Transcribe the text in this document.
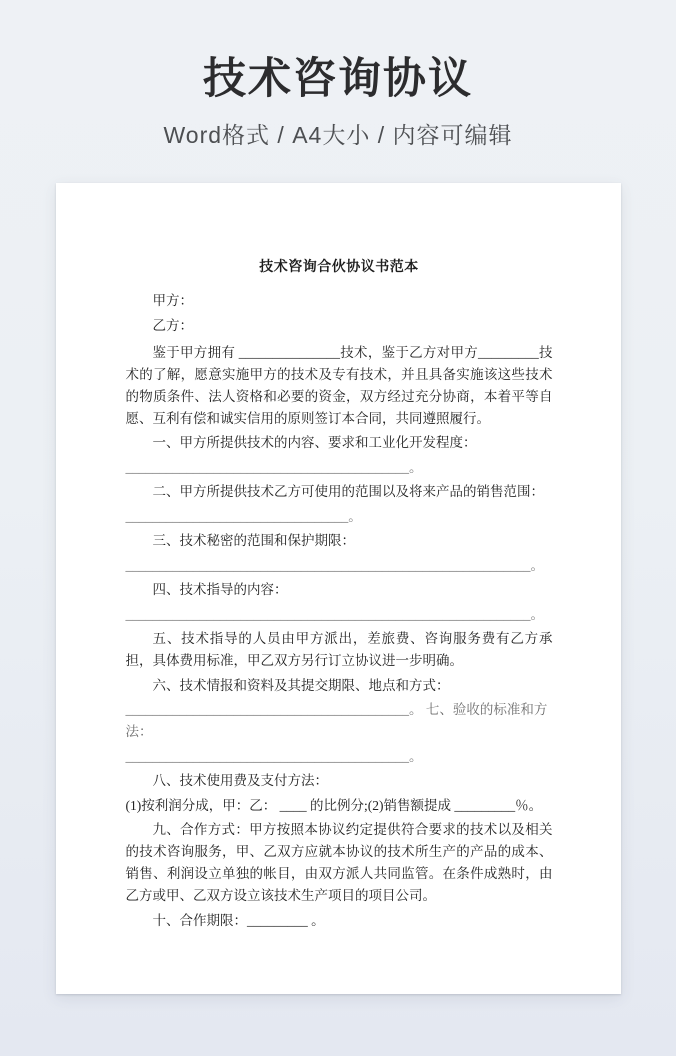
技术咨询协议
Word格式 / A4大小 / 内容可编辑
技术咨询合伙协议书范本

甲方：

乙方：

鉴于甲方拥有 _______________技术，鉴于乙方对甲方_________技术的了解，愿意实施甲方的技术及专有技术，并且具备实施该这些技术的物质条件、法人资格和必要的资金，双方经过充分协商，本着平等自愿、互利有偿和诚实信用的原则签订本合同，共同遵照履行。

一、甲方所提供技术的内容、要求和工业化开发程度：

__________________________________________。

二、甲方所提供技术乙方可使用的范围以及将来产品的销售范围：

_________________________________。

三、技术秘密的范围和保护期限：

____________________________________________________________。

四、技术指导的内容：

____________________________________________________________。

五、技术指导的人员由甲方派出，差旅费、咨询服务费有乙方承担，具体费用标准，甲乙双方另行订立协议进一步明确。

六、技术情报和资料及其提交期限、地点和方式：

__________________________________________。 七、验收的标准和方法：

__________________________________________。

八、技术使用费及支付方法：

(1)按利润分成，甲：乙： ____ 的比例分;(2)销售额提成 _________％。

九、合作方式：甲方按照本协议约定提供符合要求的技术以及相关的技术咨询服务，甲、乙双方应就本协议的技术所生产的产品的成本、销售、利润设立单独的帐目，由双方派人共同监管。在条件成熟时，由乙方或甲、乙双方设立该技术生产项目的项目公司。

十、合作期限：_________ 。
